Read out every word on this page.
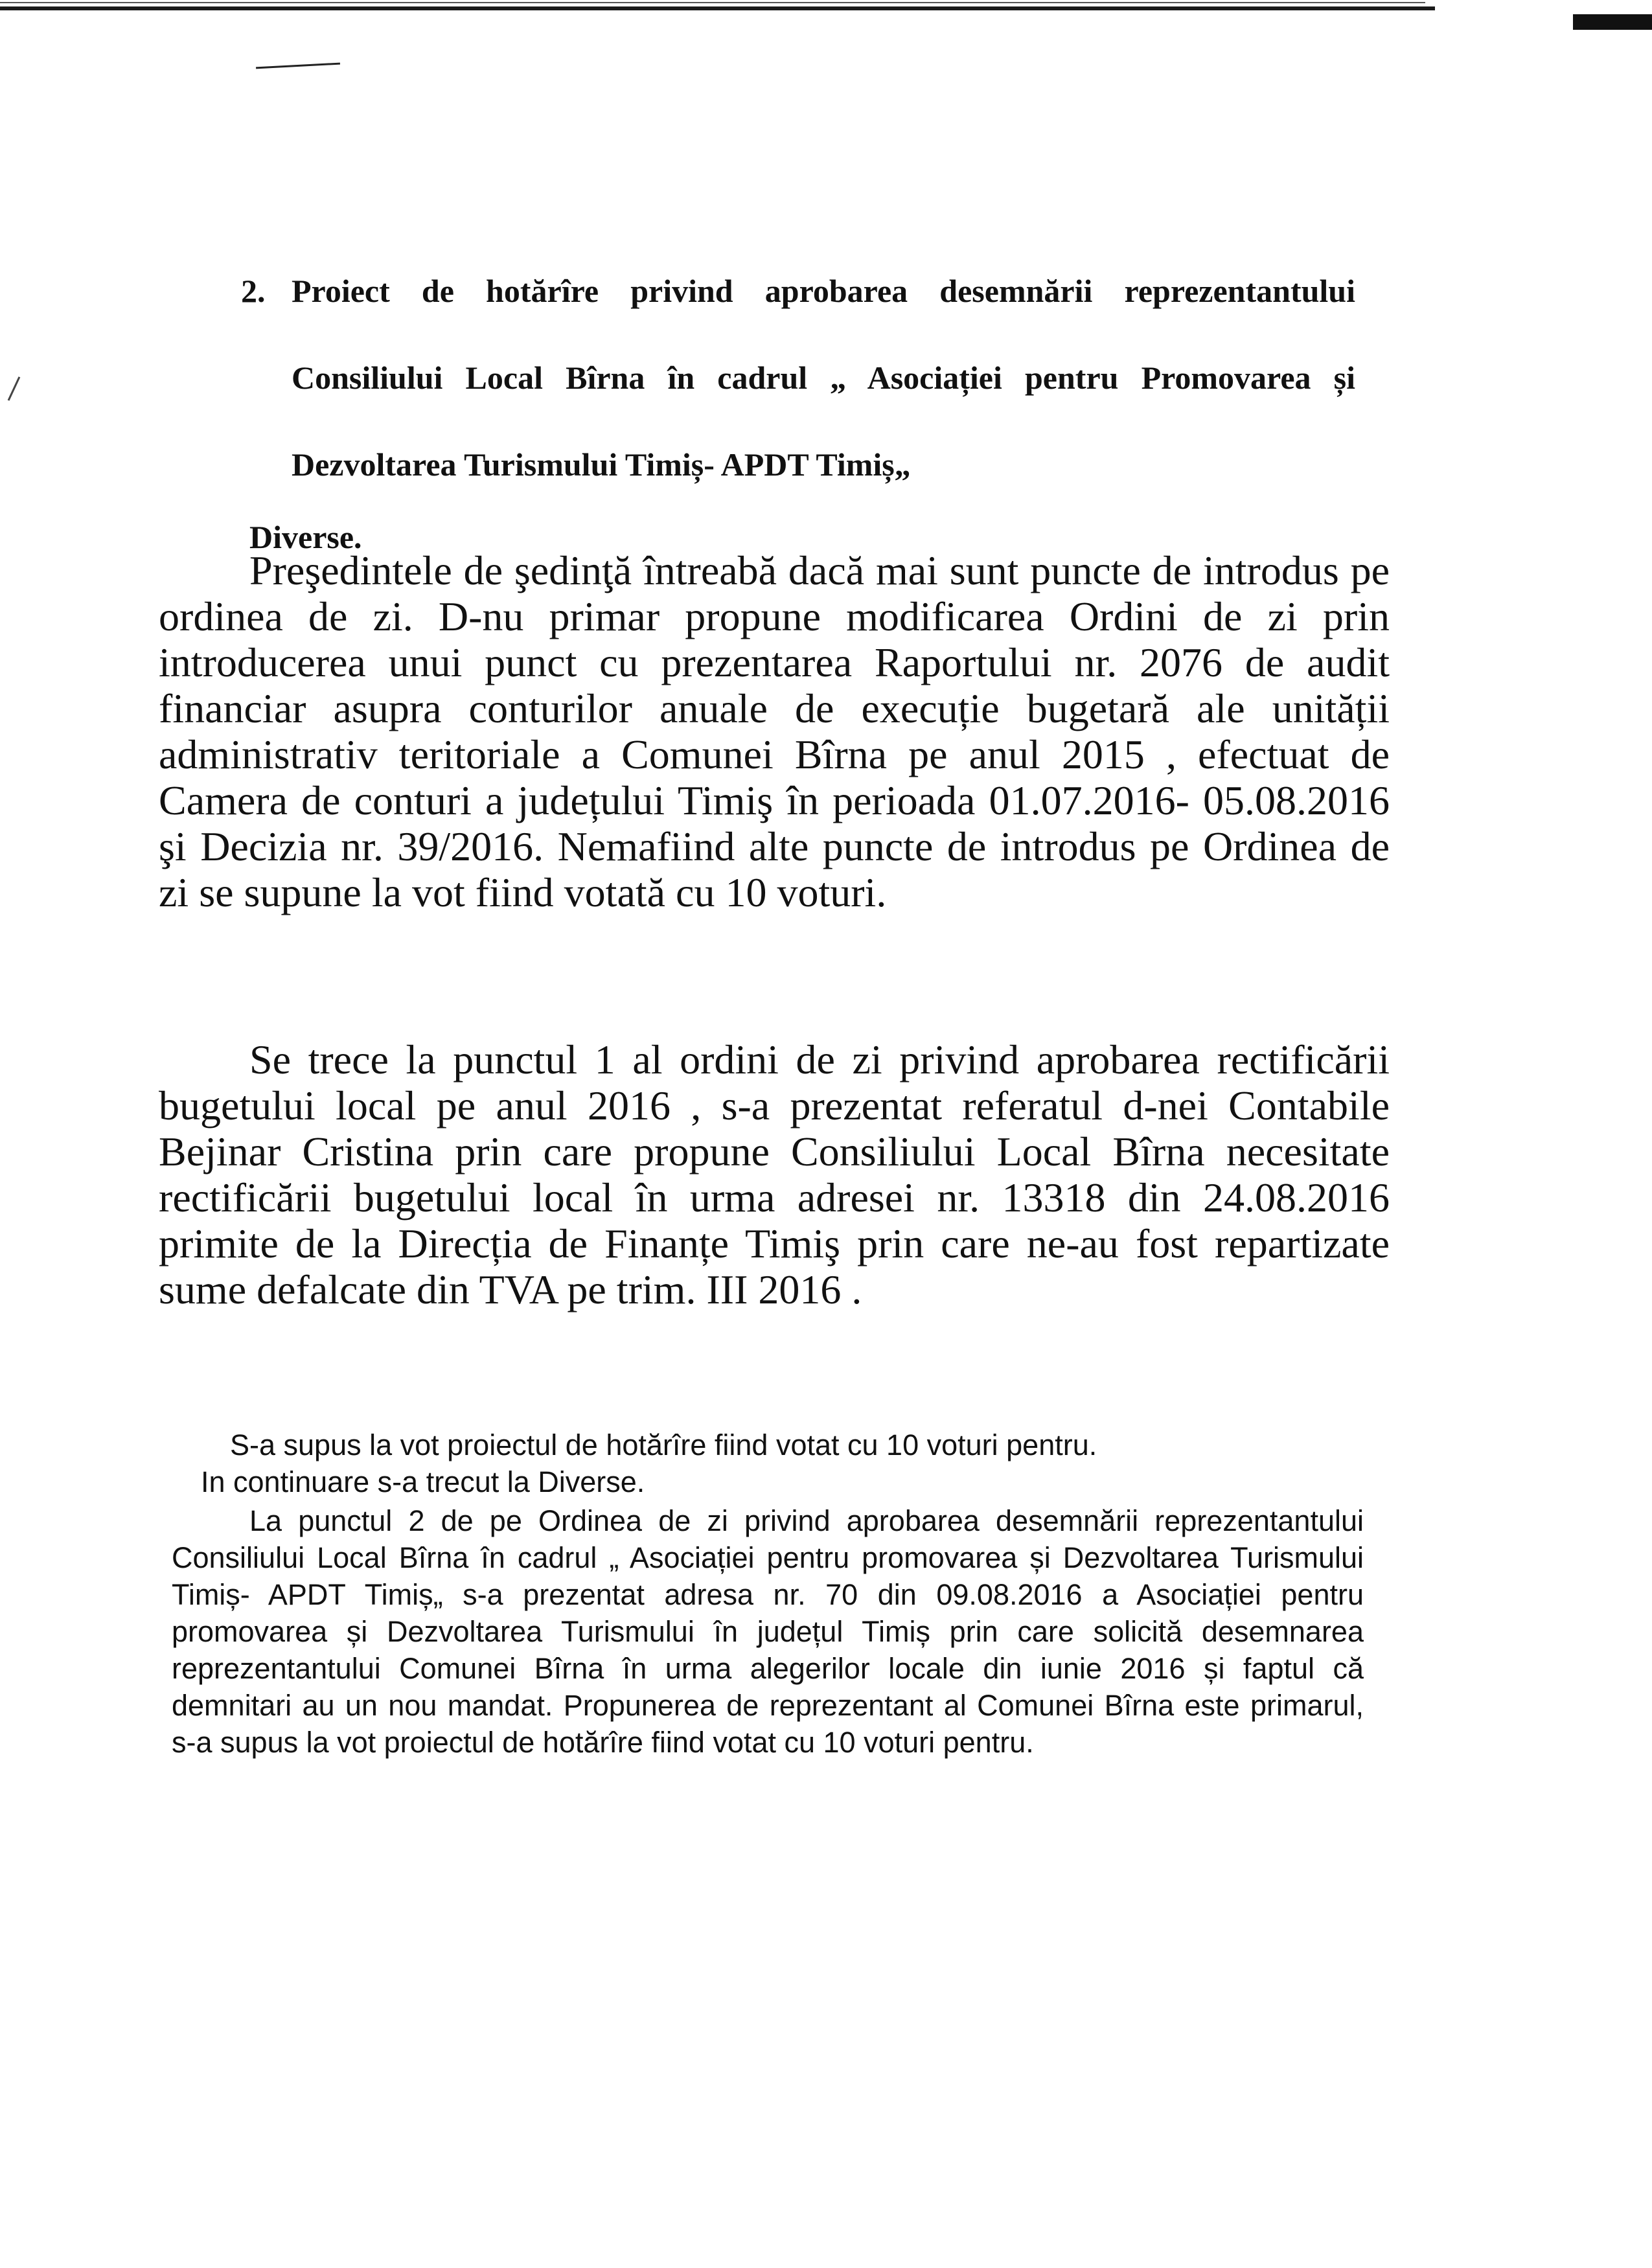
2. Proiect de hotărîre privind aprobarea desemnării reprezentantului Consiliului Local Bîrna în cadrul „ Asociației pentru Promovarea și Dezvoltarea Turismului Timiș- APDT Timiș„
Diverse.
Preşedintele de şedinţă întreabă dacă mai sunt puncte de introdus pe ordinea de zi. D-nu primar propune modificarea Ordini de zi prin introducerea unui punct cu prezentarea Raportului nr. 2076 de audit financiar asupra conturilor anuale de execuție bugetară ale unității administrativ teritoriale a Comunei Bîrna pe anul 2015 , efectuat de Camera de conturi a județului Timiş în perioada 01.07.2016- 05.08.2016 şi Decizia nr. 39/2016. Nemafiind alte puncte de introdus pe Ordinea de zi se supune la vot fiind votată cu 10 voturi.
Se trece la punctul 1 al ordini de zi privind aprobarea rectificării bugetului local pe anul 2016 , s-a prezentat referatul d-nei Contabile Bejinar Cristina prin care propune Consiliului Local Bîrna necesitate rectificării bugetului local în urma adresei nr. 13318 din 24.08.2016 primite de la Direcția de Finanțe Timiş prin care ne-au fost repartizate sume defalcate din TVA pe trim. III 2016 .
S-a supus la vot proiectul de hotărîre fiind votat cu 10 voturi pentru.
In continuare s-a trecut la Diverse.
La punctul 2 de pe Ordinea de zi privind aprobarea desemnării reprezentantului Consiliului Local Bîrna în cadrul „ Asociației pentru promovarea și Dezvoltarea Turismului Timiș- APDT Timiș„ s-a prezentat adresa nr. 70 din 09.08.2016 a Asociației pentru promovarea și Dezvoltarea Turismului în județul Timiș prin care solicită desemnarea reprezentantului Comunei Bîrna în urma alegerilor locale din iunie 2016 și faptul că demnitari au un nou mandat. Propunerea de reprezentant al Comunei Bîrna este primarul, s-a supus la vot proiectul de hotărîre fiind votat cu 10 voturi pentru.
